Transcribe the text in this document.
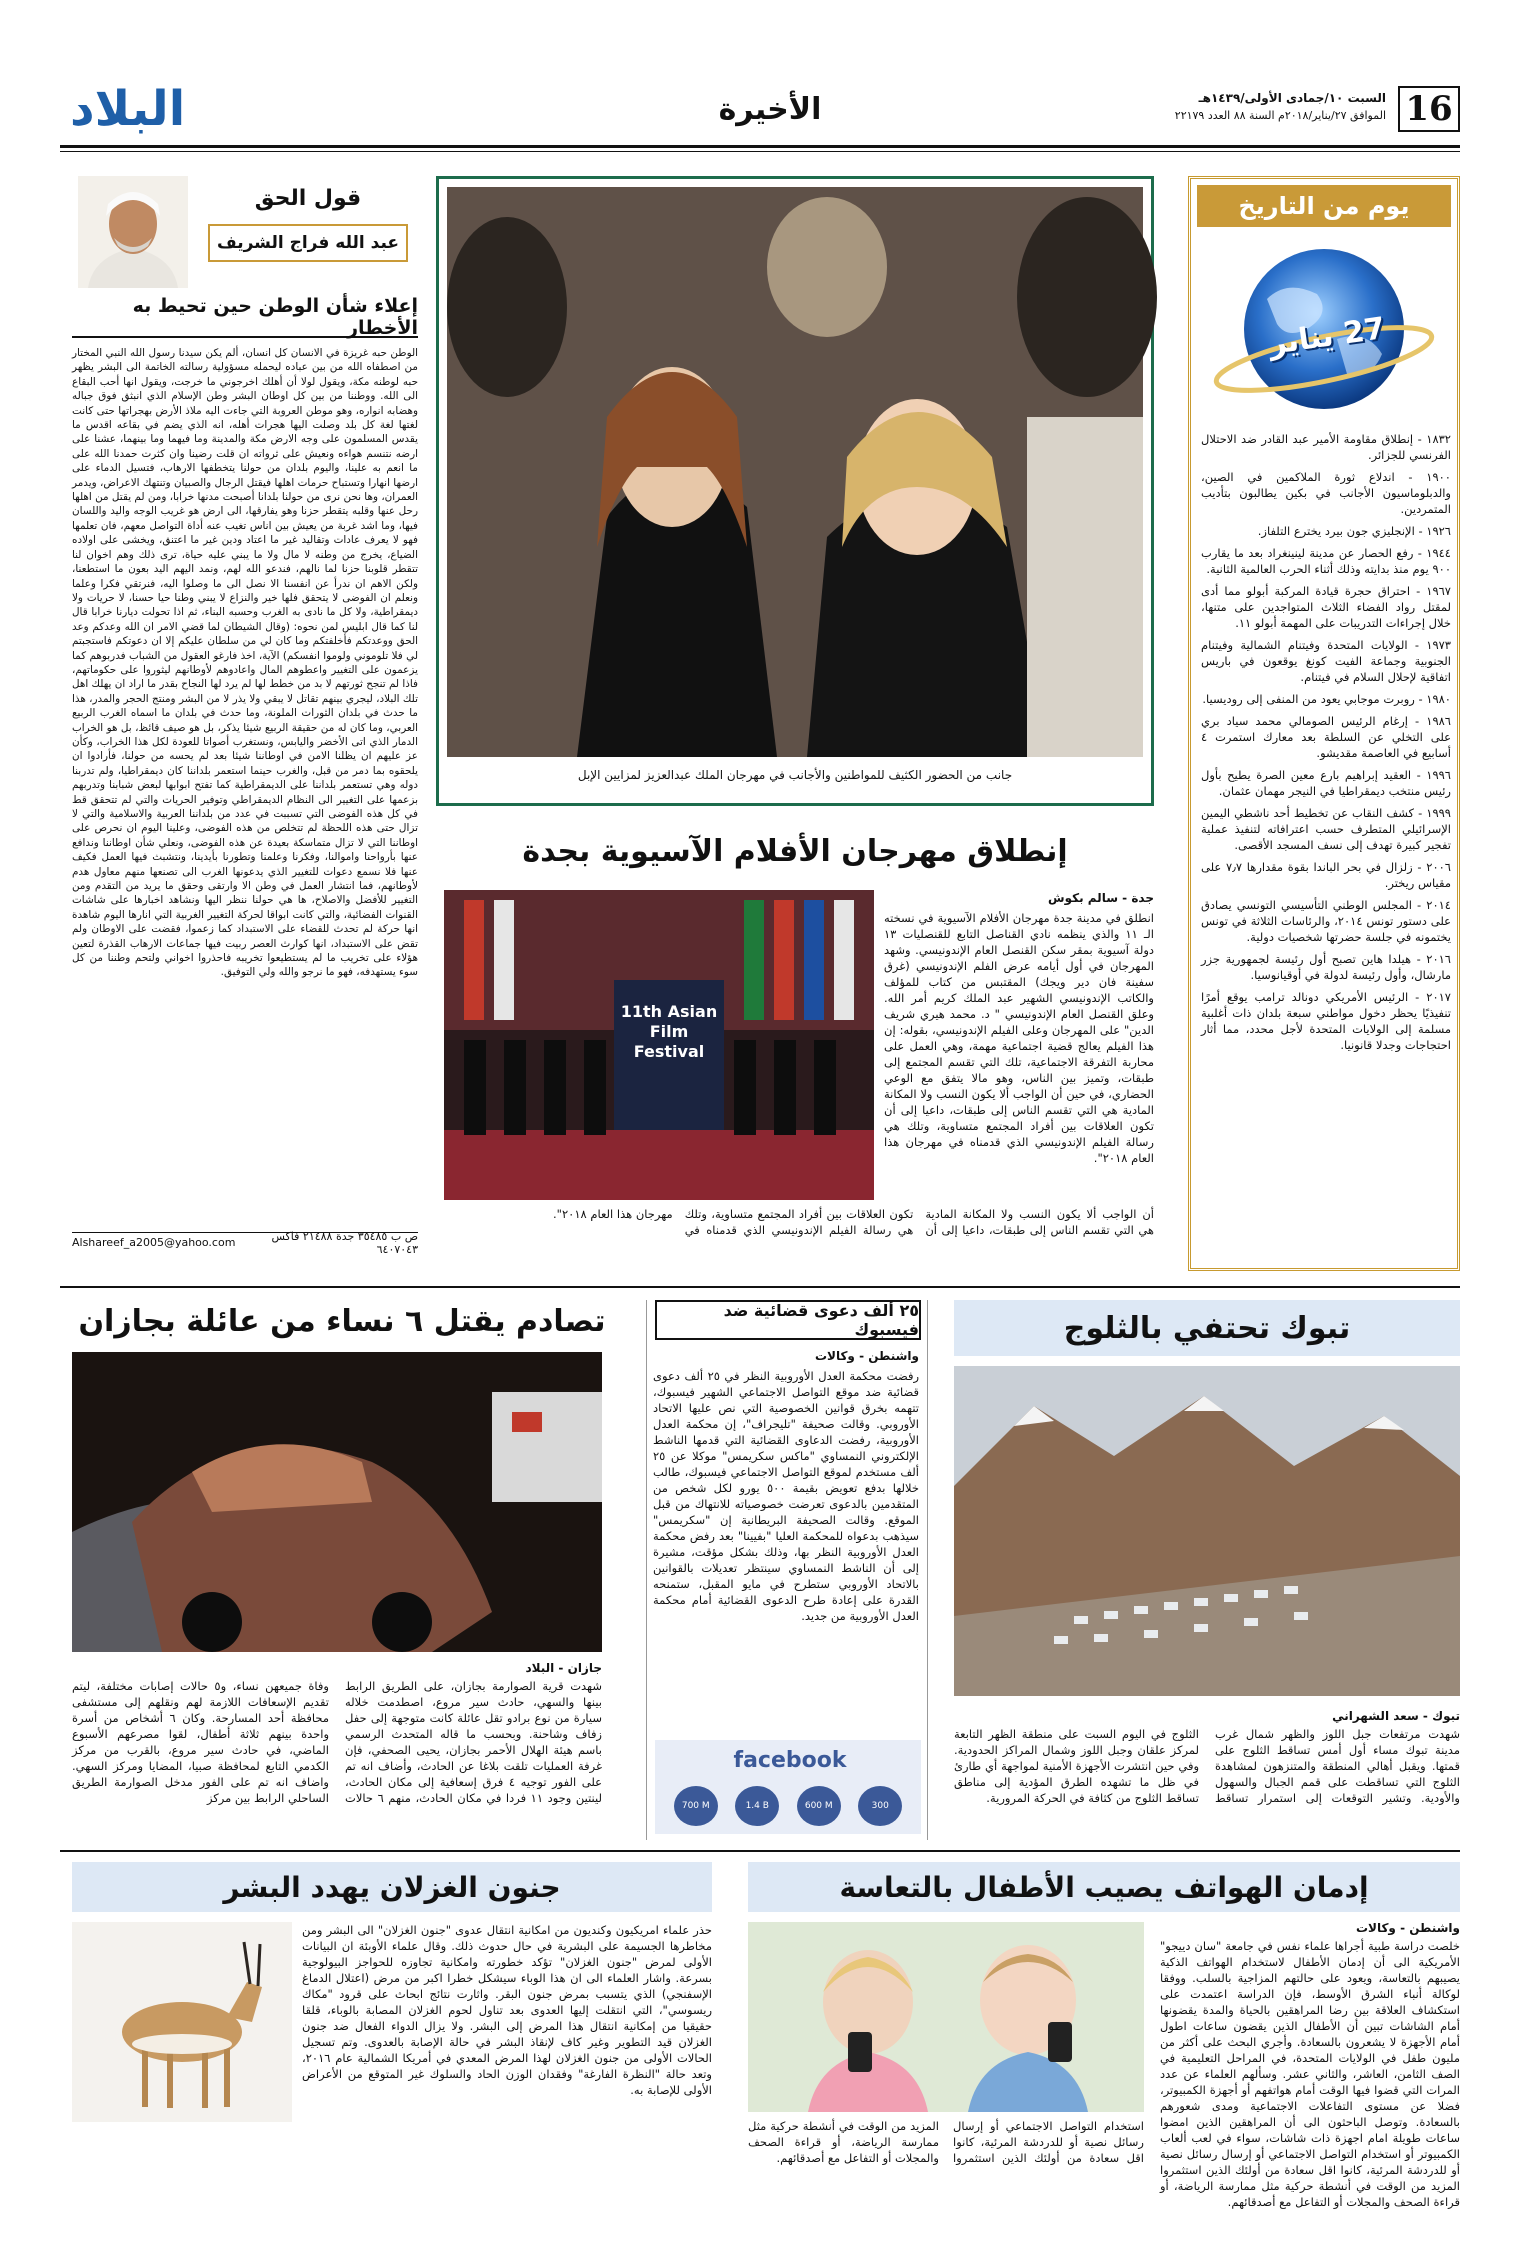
16
السبت ١٠/جمادى الأولى/١٤٣٩هـ
الموافق ٢٧/يناير/٢٠١٨م السنة ٨٨ العدد ٢٢١٧٩
الأخيرة
البلاد
يوم من التاريخ
27 يناير

١٨٣٢ - إنطلاق مقاومة الأمير عبد القادر ضد الاحتلال الفرنسي للجزائر.

١٩٠٠ - اندلاع ثورة الملاكمين في الصين، والدبلوماسيون الأجانب في بكين يطالبون بتأديب المتمردين.

١٩٢٦ - الإنجليزي جون بيرد يخترع التلفاز.

١٩٤٤ - رفع الحصار عن مدينة لينينغراد بعد ما يقارب ٩٠٠ يوم منذ بدايته وذلك أثناء الحرب العالمية الثانية.

١٩٦٧ - احتراق حجرة قيادة المركبة أبولو مما أدى لمقتل رواد الفضاء الثلاث المتواجدين على متنها، خلال إجراءات التدريبات على المهمة أبولو ١١.

١٩٧٣ - الولايات المتحدة وفيتنام الشمالية وفيتنام الجنوبية وجماعة الفيت كونغ يوقعون في باريس اتفاقية لإحلال السلام في فيتنام.

١٩٨٠ - روبرت موجابي يعود من المنفى إلى روديسيا.

١٩٨٦ - إرغام الرئيس الصومالي محمد سياد بري على التخلي عن السلطة بعد معارك استمرت ٤ أسابيع في العاصمة مقديشو.

١٩٩٦ - العقيد إبراهيم بارع معين الصرة يطيح بأول رئيس منتخب ديمقراطيا في النيجر مهمان عثمان.

١٩٩٩ - كشف النقاب عن تخطيط أحد ناشطي اليمين الإسرائيلي المتطرف حسب اعترافاته لتنفيذ عملية تفجير كبيرة تهدف إلى نسف المسجد الأقصى.

٢٠٠٦ - زلزال في بحر الباندا بقوة مقدارها ٧٫٧ على مقياس ريختر.

٢٠١٤ - المجلس الوطني التأسيسي التونسي يصادق على دستور تونس ٢٠١٤، والرئاسات الثلاثة في تونس يختمونه في جلسة حضرتها شخصيات دولية.

٢٠١٦ - هيلدا هاين تصبح أول رئيسة لجمهورية جزر مارشال، وأول رئيسة لدولة في أوقيانوسيا.

٢٠١٧ - الرئيس الأمريكي دونالد ترامب يوقع أمرًا تنفيذيًا يحظر دخول مواطني سبعة بلدان ذات أغلبية مسلمة إلى الولايات المتحدة لأجل محدد، مما أثار احتجاجات وجدلا قانونيا.

جانب من الحضور الكثيف للمواطنين والأجانب في مهرجان الملك عبدالعزيز لمزايين الإبل
قول الحق
عبد الله فراج الشريف
إعلاء شأن الوطن حين تحيط به الأخطار
الوطن حبه غريزة في الانسان كل انسان، ألم يكن سيدنا رسول الله النبي المختار من اصطفاه الله من بين عباده ليحمله مسؤولية رسالته الخاتمة الى البشر يظهر حبه لوطنه مكة، ويقول لولا أن أهلك اخرجوني ما خرجت، ويقول انها أحب البقاع الى الله. ووطننا من بين كل اوطان البشر وطن الإسلام الذي انبثق فوق جباله وهضابه انواره، وهو موطن العروبة التي جاءت اليه ملاذ الأرض بهجراتها حتى كانت لغتها لغة كل بلد وصلت اليها هجرات أهله، انه الذي يضم في بقاعه اقدس ما يقدس المسلمون على وجه الارض مكة والمدينة وما فيهما وما بينهما، عشنا على ارضه نتنسم هواءه ونعيش على ثرواته ان قلت رضينا وان كثرت حمدنا الله على ما انعم به علينا، واليوم بلدان من حولنا يتخطفها الارهاب، فتسيل الدماء على ارضها انهارا وتستباح حرمات اهلها فيقتل الرجال والصبيان وتنتهك الاعراض، ويدمر العمران، وها نحن نرى من حولنا بلدانا أصبحت مدنها خرابا، ومن لم يقتل من اهلها رحل عنها وقلبه يتقطر حزنا وهو يفارقها، الى ارض هو غريب الوجه واليد واللسان فيها، وما اشد غربة من يعيش بين اناس تغيب عنه أداة التواصل معهم، فان تعلمها فهو لا يعرف عادات وتقاليد غير ما اعتاد ودين غير ما اعتنق، ويخشى على اولاده الضياع، يخرج من وطنه لا مال ولا ما يبني عليه حياة، ترى ذلك وهم اخوان لنا تتقطر قلوبنا حزنا لما نالهم، فندعو الله لهم، ونمد اليهم اليد بعون ما استطعنا، ولكن الاهم ان ندرأ عن انفسنا الا نصل الى ما وصلوا اليه، فنرتقي فكرا وعلما ونعلم ان الفوضى لا يتحقق فلها خير والنزاع لا يبني وطنا حيا حسنا، لا حريات ولا ديمقراطية، ولا كل ما نادى به الغرب وحسبه البناء، ثم اذا تحولت ديارنا خرابا قال لنا كما قال ابليس لمن نحوه: (وقال الشيطان لما قضي الامر ان الله وعدكم وعد الحق ووعدتكم فأخلفتكم وما كان لي من سلطان عليكم إلا ان دعوتكم فاستجبتم لي فلا تلوموني ولوموا انفسكم) الآية، اخذ فارغو العقول من الشباب فدربوهم كما يزعمون على التغيير واعطوهم المال واعادوهم لأوطانهم ليثوروا على حكوماتهم، فاذا لم تنجح ثورتهم لا بد من خطط لها لم يرد لها النجاح بقدر ما اراد ان يهلك اهل تلك البلاد، ليجري بينهم تقاتل لا يبقي ولا يذر لا من البشر ومنتج الحجر والمدر، هذا ما حدث في بلدان الثورات الملونة، وما حدث في بلدان ما اسماه الغرب الربيع العربي، وما كان له من حقيقة الربيع شيئا يذكر، بل هو صيف قائظ، بل هو الخراب الدمار الذي اتى الأخضر واليابس، ونستغرب أصواتا للعودة لكل هذا الخراب، وكأن عز عليهم ان يظلنا الامن في اوطاننا شيئا بعد لم يحسه من حولنا، فأرادوا ان يلحقوه بما دمر من قبل، والغرب حينما استعمر بلداننا كان ديمقراطيا، ولم تدربنا دوله وهي تستعمر بلداننا على الديمقراطية كما تفتح ابوابها لبعض شبابنا وتدربهم بزعمها على التغيير الى النظام الديمقراطي وتوفير الحريات والتي لم تتحقق قط في كل هذه الفوضى التي تسببت في عدد من بلداننا العربية والاسلامية والتي لا تزال حتى هذه اللحظة لم تتخلص من هذه الفوضى، وعلينا اليوم ان نحرص على اوطاننا التي لا تزال متماسكة بعيدة عن هذه الفوضى، ونعلي شأن اوطاننا وندافع عنها بأرواحنا واموالنا، وفكرنا وعلمنا وتطورنا بأيدينا، ونتشبث فيها العمل فكيف عنها فلا نسمع دعوات للتغيير الذي يدعونها الغرب الى تصنعها منهم معاول هدم لأوطانهم، فما انتشار العمل في وطن الا وارتقى وحقق ما يريد من التقدم ومن التغيير للأفضل والاصلاح، ها هي حولنا ننظر اليها ونشاهد اخبارها على شاشات القنوات الفضائية، والتي كانت ابواقا لحركة التغيير الغربية التي انارها اليوم شاهدة انها حركة لم تحدث للقضاء على الاستبداد كما زعموا، فقضت على الاوطان ولم تقض على الاستبداد، انها كوارث العصر ربيت فيها جماعات الارهاب القذرة لتعين هؤلاء على تخريب ما لم يستطيعوا تخريبه فاحذروا اخواني ولتحم وطننا من كل سوء يستهدفه، فهو ما نرجو والله ولي التوفيق.
Alshareef_a2005@yahoo.com	ص ب ٣٥٤٨٥ جدة ٢١٤٨٨ فاكس ٦٤٠٧٠٤٣
إنطلاق مهرجان الأفلام الآسيوية بجدة
11th Asian Film Festival
جدة - سالم بكوش
انطلق في مدينة جدة مهرجان الأفلام الآسيوية في نسخته الـ ١١ والذي ينظمه نادي القناصل التابع للقنصليات ١٣ دولة آسيوية بمقر سكن القنصل العام الإندونيسي. وشهد المهرجان في أول أيامه عرض الفلم الإندونيسي (غرق سفينة فان دير ويجك) المقتبس من كتاب للمؤلف والكاتب الإندونيسي الشهير عبد الملك كريم أمر الله. وعلق القنصل العام الإندونيسي " د. محمد هيري شريف الدين" على المهرجان وعلى الفيلم الإندونيسي، بقوله: إن هذا الفيلم يعالج قضية اجتماعية مهمة، وهي العمل على محاربة التفرقة الاجتماعية، تلك التي تقسم المجتمع إلى طبقات، وتميز بين الناس، وهو مالا يتفق مع الوعي الحضاري، في حين أن الواجب ألا يكون النسب ولا المكانة المادية هي التي تقسم الناس إلى طبقات، داعيا إلى أن تكون العلاقات بين أفراد المجتمع متساوية، وتلك هي رسالة الفيلم الإندونيسي الذي قدمناه في مهرجان هذا العام ٢٠١٨".
أن الواجب ألا يكون النسب ولا المكانة المادية هي التي تقسم الناس إلى طبقات، داعيا إلى أن تكون العلاقات بين أفراد المجتمع متساوية، وتلك هي رسالة الفيلم الإندونيسي الذي قدمناه في مهرجان هذا العام ٢٠١٨".
تصادم يقتل ٦ نساء من عائلة بجازان
جازان - البلاد
شهدت قرية الصوارمة بجازان، على الطريق الرابط بينها والسهي، حادث سير مروع، اصطدمت خلاله سيارة من نوع برادو تقل عائلة كانت متوجهة إلى حفل زفاف وشاحنة. وبحسب ما قاله المتحدث الرسمي باسم هيئة الهلال الأحمر بجازان، يحيى الصحفي، فإن غرفة العمليات تلقت بلاغا عن الحادث، وأضاف انه تم على الفور توجيه ٤ فرق إسعافية إلى مكان الحادث، لينتين وجود ١١ فردا في مكان الحادث، منهم ٦ حالات وفاة جميعهن نساء، و٥ حالات إصابات مختلفة، ليتم تقديم الإسعافات اللازمة لهم ونقلهم إلى مستشفى محافظة أحد المسارحة. وكان ٦ أشخاص من أسرة واحدة بينهم ثلاثة أطفال، لقوا مصرعهم الأسبوع الماضي، في حادث سير مروع، بالقرب من مركز الكدمي التابع لمحافظة صبيا، المضايا ومركز السهي. واضاف انه تم على الفور مدخل الصوارمة الطريق الساحلي الرابط بين مركز
٢٥ ألف دعوى قضائية ضد فيسبوك
واشنطن - وكالات
رفضت محكمة العدل الأوروبية النظر في ٢٥ ألف دعوى قضائية ضد موقع التواصل الاجتماعي الشهير فيسبوك، تتهمه بخرق قوانين الخصوصية التي نص عليها الاتحاد الأوروبي. وقالت صحيفة "تليجراف"، إن محكمة العدل الأوروبية، رفضت الدعاوى القضائية التي قدمها الناشط الإلكتروني النمساوي "ماكس سكريمس" موكلا عن ٢٥ ألف مستخدم لموقع التواصل الاجتماعي فيسبوك، طالب خلالها بدفع تعويض بقيمة ٥٠٠ يورو لكل شخص من المتقدمين بالدعوى تعرضت خصوصياته للانتهاك من قبل الموقع. وقالت الصحيفة البريطانية إن "سكريمس" سيذهب بدعواه للمحكمة العليا "بفيينا" بعد رفض محكمة العدل الأوروبية النظر بها، وذلك بشكل مؤقت، مشيرة إلى أن الناشط النمساوي سينتظر تعديلات بالقوانين بالاتحاد الأوروبي ستطرح في مايو المقبل، ستمنحه القدرة على إعادة طرح الدعوى القضائية أمام محكمة العدل الأوروبية من جديد.
facebook
700 M	1.4 B	600 M	300
تبوك تحتفي بالثلوج
تبوك - سعد الشهراني
شهدت مرتفعات جبل اللوز والظهر شمال غرب مدينة تبوك مساء أول أمس تساقط الثلوج على قمتها. ويقبل أهالي المنطقة والمتنزهون لمشاهدة الثلوج التي تساقطت على قمم الجبال والسهول والأودية. وتشير التوقعات إلى استمرار تساقط الثلوج في اليوم السبت على منطقة الظهر التابعة لمركز علقان وجبل اللوز وشمال المراكز الحدودية. وفي حين انتشرت الأجهزة الأمنية لمواجهة أي طارئ في ظل ما تشهده الطرق المؤدية إلى مناطق تساقط الثلوج من كثافة في الحركة المرورية.
جنون الغزلان يهدد البشر
حذر علماء امريكيون وكنديون من امكانية انتقال عدوى "جنون الغزلان" الى البشر ومن مخاطرها الجسيمة على البشرية في حال حدوث ذلك. وقال علماء الأوبئة ان البيانات الأولى لمرض "جنون الغزلان" تؤكد خطورته وامكانية تجاوزه للحواجز البيولوجية بسرعة. واشار العلماء الى ان هذا الوباء سيشكل خطرا اكبر من مرض (اعتلال الدماغ الإسفنجي) الذي يتسبب بمرض جنون البقر. واثارت نتائج ابحاث على قرود "مكاك ريسوسي"، التي انتقلت إليها العدوى بعد تناول لحوم الغزلان المصابة بالوباء، قلقا حقيقيا من إمكانية انتقال هذا المرض إلى البشر. ولا يزال الدواء الفعال ضد جنون الغزلان قيد التطوير وغير كاف لإنقاذ البشر في حالة الإصابة بالعدوى. وتم تسجيل الحالات الأولى من جنون الغزلان لهذا المرض المعدي في أمريكا الشمالية عام ٢٠١٦، وتعد حالة "النظرة الفارغة" وفقدان الوزن الحاد والسلوك غير المتوقع من الأعراض الأولى للإصابة به.
إدمان الهواتف يصيب الأطفال بالتعاسة
واشنطن - وكالات
خلصت دراسة طبية أجراها علماء نفس في جامعة "سان دييجو" الأمريكية الى أن إدمان الأطفال لاستخدام الهواتف الذكية يصيبهم بالتعاسة، ويعود على حالتهم المزاجية بالسلب. ووفقا لوكالة أنباء الشرق الأوسط، فإن الدراسة اعتمدت على استكشاف العلاقة بين رضا المراهقين بالحياة والمدة يقضونها أمام الشاشات تبين أن الأطفال الذين يقضون ساعات اطول أمام الأجهزة لا يشعرون بالسعادة. وأجري البحث على أكثر من مليون طفل في الولايات المتحدة، في المراحل التعليمية في الصف الثامن، العاشر، والثاني عشر. وسألهم العلماء عن عدد المرات التي قضوا فيها الوقت أمام هواتفهم أو أجهزة الكمبيوتر، فضلا عن مستوى التفاعلات الاجتماعية ومدى شعورهم بالسعادة. وتوصل الباحثون الى أن المراهقين الذين امضوا ساعات طويلة امام اجهزة ذات شاشات، سواء في لعب ألعاب الكمبيوتر أو استخدام التواصل الاجتماعي أو إرسال رسائل نصية أو للدردشة المرئية، كانوا اقل سعادة من أولئك الذين استثمروا المزيد من الوقت في أنشطة حركية مثل ممارسة الرياضة، أو قراءة الصحف والمجلات أو التفاعل مع أصدقائهم.
استخدام التواصل الاجتماعي أو إرسال رسائل نصية أو للدردشة المرئية، كانوا اقل سعادة من أولئك الذين استثمروا المزيد من الوقت في أنشطة حركية مثل ممارسة الرياضة، أو قراءة الصحف والمجلات أو التفاعل مع أصدقائهم.
